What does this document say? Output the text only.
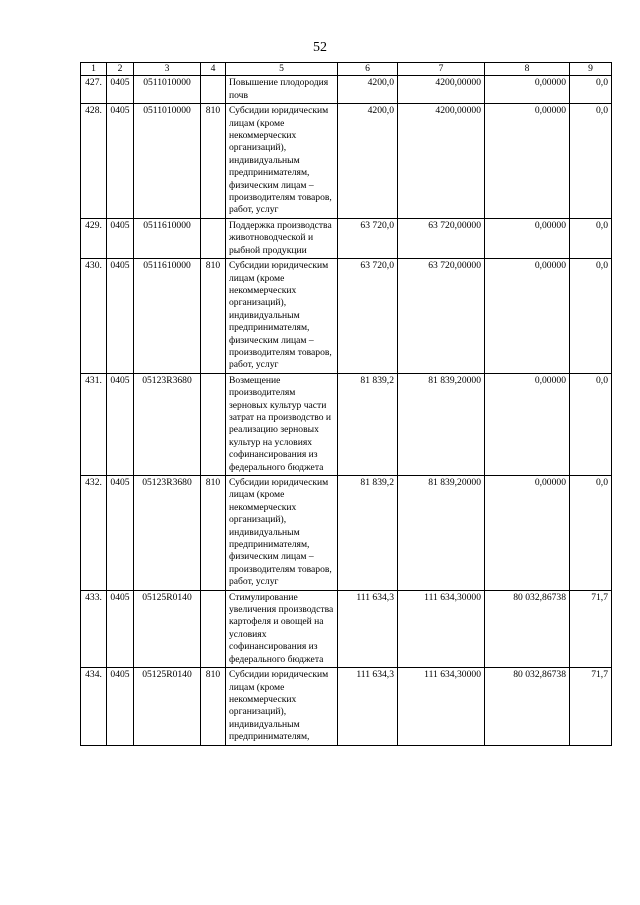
52
1	2	3	4	5	6	7	8	9
427.	0405	0511010000		Повышение плодородия почв	4200,0	4200,00000	0,00000	0,0
428.	0405	0511010000	810	Субсидии юридическим лицам (кроме некоммерческих организаций), индивидуальным предпринимателям, физическим лицам – производителям товаров, работ, услуг	4200,0	4200,00000	0,00000	0,0
429.	0405	0511610000		Поддержка производства животноводческой и рыбной продукции	63 720,0	63 720,00000	0,00000	0,0
430.	0405	0511610000	810	Субсидии юридическим лицам (кроме некоммерческих организаций), индивидуальным предпринимателям, физическим лицам – производителям товаров, работ, услуг	63 720,0	63 720,00000	0,00000	0,0
431.	0405	05123R3680		Возмещение производителям зерновых культур части затрат на производство и реализацию зерновых культур на условиях софинансирования из федерального бюджета	81 839,2	81 839,20000	0,00000	0,0
432.	0405	05123R3680	810	Субсидии юридическим лицам (кроме некоммерческих организаций), индивидуальным предпринимателям, физическим лицам – производителям товаров, работ, услуг	81 839,2	81 839,20000	0,00000	0,0
433.	0405	05125R0140		Стимулирование увеличения производства картофеля и овощей на условиях софинансирования из федерального бюджета	111 634,3	111 634,30000	80 032,86738	71,7
434.	0405	05125R0140	810	Субсидии юридическим лицам (кроме некоммерческих организаций), индивидуальным предпринимателям,	111 634,3	111 634,30000	80 032,86738	71,7
